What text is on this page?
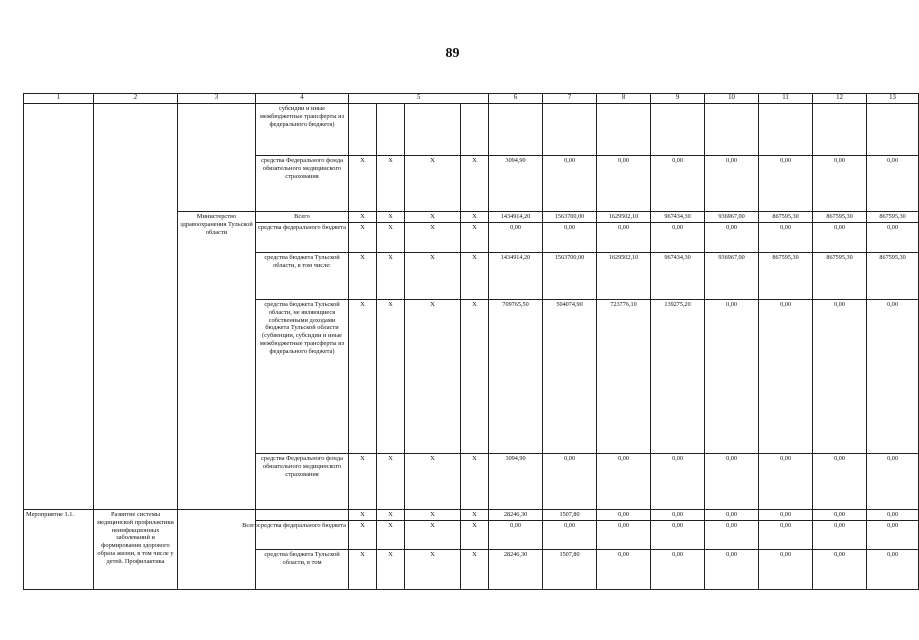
89
1	2	3	4	5				6	7	8	9	10	11	12	13
			субсидии и иные межбюджетные трансферты из федерального бюджета)												
			средства Федерального фонда обязательного медицинского страхования	X	X	X	X	3094,90	0,00	0,00	0,00	0,00	0,00	0,00	0,00
		Министерство здравоохранения Тульской области	Всего	X	X	X	X	1434914,20	1563700,00	1629502,10	967434,30	936967,00	867595,30	867595,30	867595,30
			средства федерального бюджета	X	X	X	X	0,00	0,00	0,00	0,00	0,00	0,00	0,00	0,00
			средства бюджета Тульской области, в том числе:	X	X	X	X	1434914,20	1563700,00	1629502,10	967434,30	936967,00	867595,30	867595,30	867595,30
			средства бюджета Тульской области, не являющиеся собственными доходами бюджета Тульской области (субвенции, субсидии и иные межбюджетные трансферты из федерального бюджета)	X	X	X	X	709765,50	504074,90	723776,10	139275,20	0,00	0,00	0,00	0,00
			средства Федерального фонда обязательного медицинского страхования	X	X	X	X	3094,90	0,00	0,00	0,00	0,00	0,00	0,00	0,00
Мероприятие 1.1.	Развитие системы медицинской профилактики неинфекционных заболеваний и формирования здорового образа жизни, в том числе у детей. Профилактика			X	X	X	X	28246,30	1507,80	0,00	0,00	0,00	0,00	0,00	0,00
			Всего средства федерального бюджета	X	X	X	X	0,00	0,00	0,00	0,00	0,00	0,00	0,00	0,00
			средства бюджета Тульской области, в том	X	X	X	X	28246,30	1507,80	0,00	0,00	0,00	0,00	0,00	0,00
